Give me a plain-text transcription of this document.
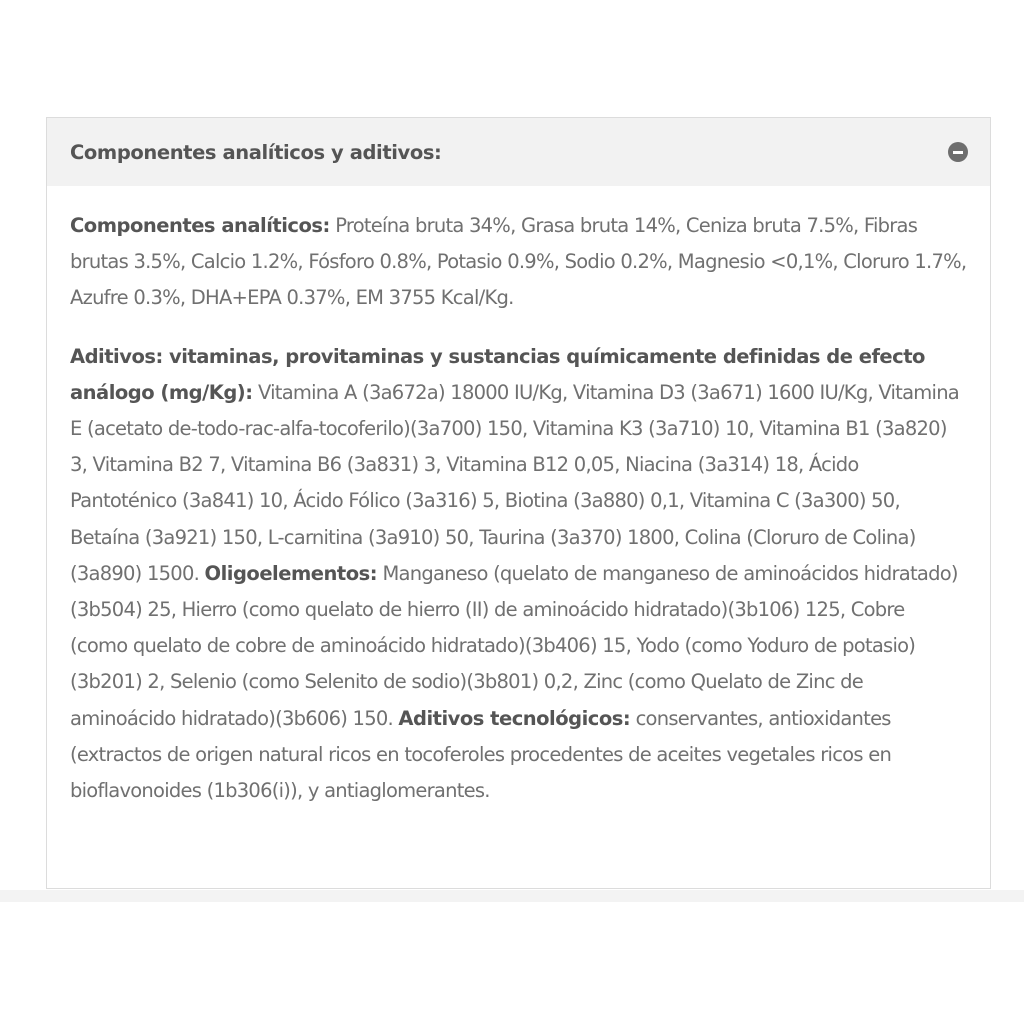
Componentes analíticos y aditivos:

Componentes analíticos: Proteína bruta 34%, Grasa bruta 14%, Ceniza bruta 7.5%, Fibras brutas 3.5%, Calcio 1.2%, Fósforo 0.8%, Potasio 0.9%, Sodio 0.2%, Magnesio <0,1%, Cloruro 1.7%, Azufre 0.3%, DHA+EPA 0.37%, EM 3755 Kcal/Kg.

Aditivos: vitaminas, provitaminas y sustancias químicamente definidas de efecto análogo (mg/Kg): Vitamina A (3a672a) 18000 IU/Kg, Vitamina D3 (3a671) 1600 IU/Kg, Vitamina E (acetato de-todo-rac-alfa-tocoferilo)(3a700) 150, Vitamina K3 (3a710) 10, Vitamina B1 (3a820) 3, Vitamina B2 7, Vitamina B6 (3a831) 3, Vitamina B12 0,05, Niacina (3a314) 18, Ácido Pantoténico (3a841) 10, Ácido Fólico (3a316) 5, Biotina (3a880) 0,1, Vitamina C (3a300) 50, Betaína (3a921) 150, L-carnitina (3a910) 50, Taurina (3a370) 1800, Colina (Cloruro de Colina)(3a890) 1500. Oligoelementos: Manganeso (quelato de manganeso de aminoácidos hidratado)(3b504) 25, Hierro (como quelato de hierro (II) de aminoácido hidratado)(3b106) 125, Cobre (como quelato de cobre de aminoácido hidratado)(3b406) 15, Yodo (como Yoduro de potasio)(3b201) 2, Selenio (como Selenito de sodio)(3b801) 0,2, Zinc (como Quelato de Zinc de aminoácido hidratado)(3b606) 150. Aditivos tecnológicos: conservantes, antioxidantes (extractos de origen natural ricos en tocoferoles procedentes de aceites vegetales ricos en bioflavonoides (1b306(i)), y antiaglomerantes.
